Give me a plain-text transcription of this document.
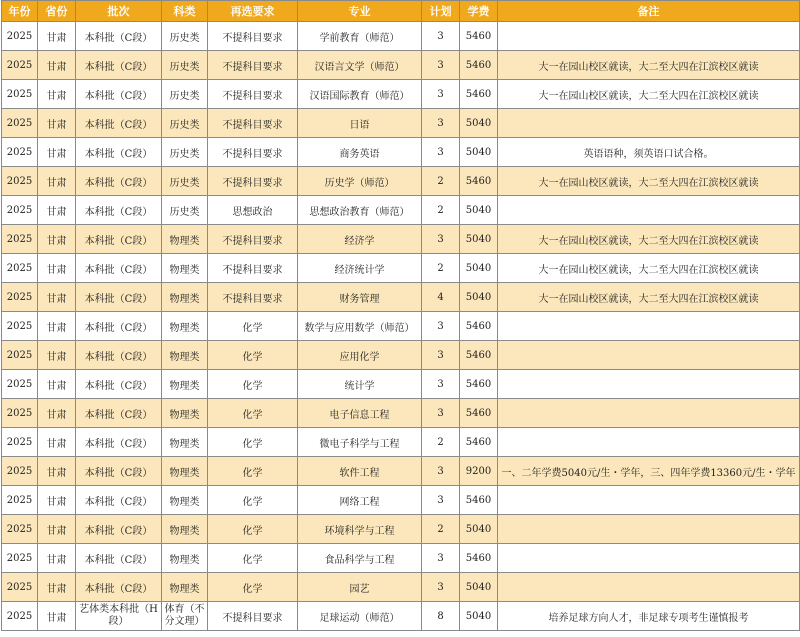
年份	省份	批次	科类	再选要求	专业	计划	学费	备注
2025	甘肃	本科批（C段）	历史类	不提科目要求	学前教育（师范）	3	5460	
2025	甘肃	本科批（C段）	历史类	不提科目要求	汉语言文学（师范）	3	5460	大一在园山校区就读，大二至大四在江滨校区就读
2025	甘肃	本科批（C段）	历史类	不提科目要求	汉语国际教育（师范）	3	5460	大一在园山校区就读，大二至大四在江滨校区就读
2025	甘肃	本科批（C段）	历史类	不提科目要求	日语	3	5040	
2025	甘肃	本科批（C段）	历史类	不提科目要求	商务英语	3	5040	英语语种，须英语口试合格。
2025	甘肃	本科批（C段）	历史类	不提科目要求	历史学（师范）	2	5460	大一在园山校区就读，大二至大四在江滨校区就读
2025	甘肃	本科批（C段）	历史类	思想政治	思想政治教育（师范）	2	5040	
2025	甘肃	本科批（C段）	物理类	不提科目要求	经济学	3	5040	大一在园山校区就读，大二至大四在江滨校区就读
2025	甘肃	本科批（C段）	物理类	不提科目要求	经济统计学	2	5040	大一在园山校区就读，大二至大四在江滨校区就读
2025	甘肃	本科批（C段）	物理类	不提科目要求	财务管理	4	5040	大一在园山校区就读，大二至大四在江滨校区就读
2025	甘肃	本科批（C段）	物理类	化学	数学与应用数学（师范）	3	5460	
2025	甘肃	本科批（C段）	物理类	化学	应用化学	3	5460	
2025	甘肃	本科批（C段）	物理类	化学	统计学	3	5460	
2025	甘肃	本科批（C段）	物理类	化学	电子信息工程	3	5460	
2025	甘肃	本科批（C段）	物理类	化学	微电子科学与工程	2	5460	
2025	甘肃	本科批（C段）	物理类	化学	软件工程	3	9200	一、二年学费5040元/生・学年，三、四年学费13360元/生・学年
2025	甘肃	本科批（C段）	物理类	化学	网络工程	3	5460	
2025	甘肃	本科批（C段）	物理类	化学	环境科学与工程	2	5040	
2025	甘肃	本科批（C段）	物理类	化学	食品科学与工程	3	5460	
2025	甘肃	本科批（C段）	物理类	化学	园艺	3	5040	
2025	甘肃	艺体类本科批（H段）	体育（不分文理）	不提科目要求	足球运动（师范）	8	5040	培养足球方向人才，非足球专项考生谨慎报考
